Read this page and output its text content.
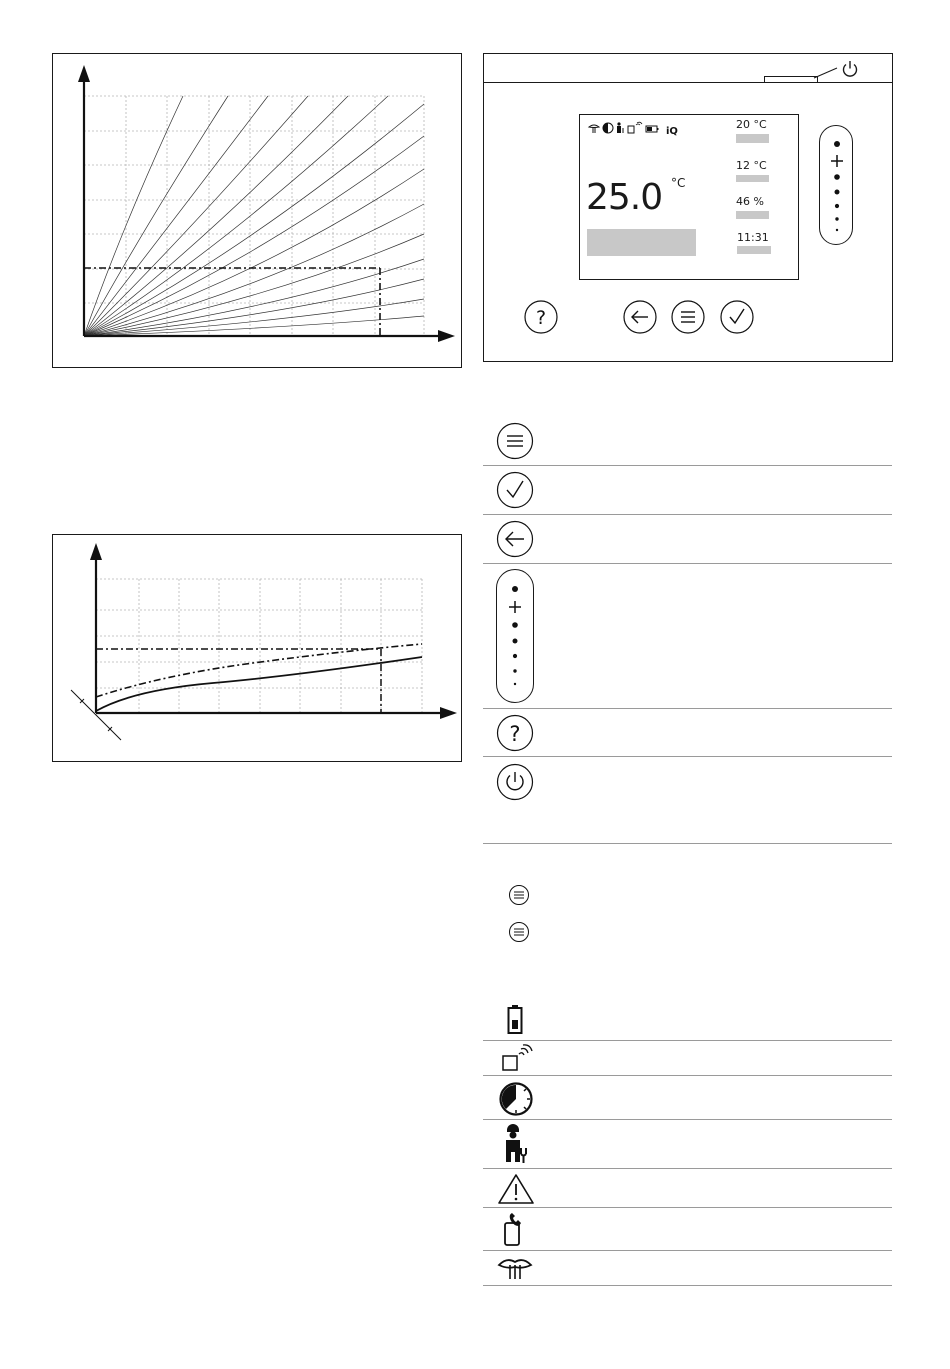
iQ
25.0 °C
20 °C
12 °C
46 %
11:31
?
?
